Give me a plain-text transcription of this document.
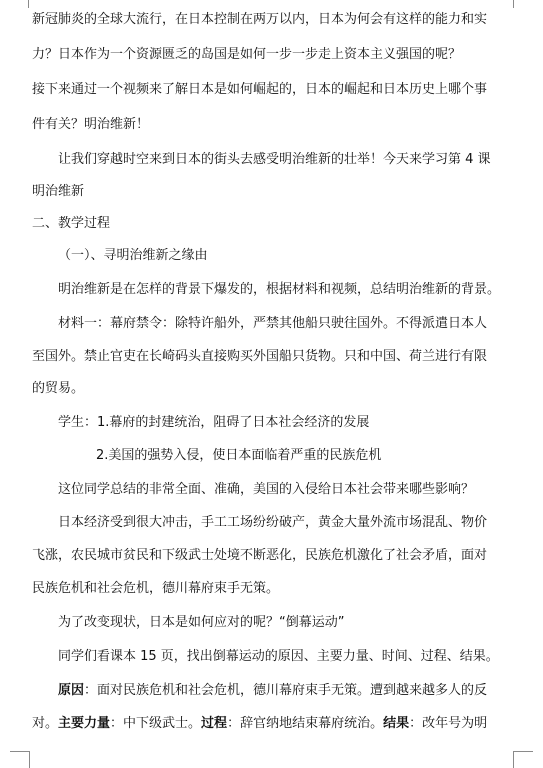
新冠肺炎的全球大流行，在日本控制在两万以内，日本为何会有这样的能力和实
力？日本作为一个资源匮乏的岛国是如何一步一步走上资本主义强国的呢？
接下来通过一个视频来了解日本是如何崛起的，日本的崛起和日本历史上哪个事
件有关？明治维新！
让我们穿越时空来到日本的街头去感受明治维新的壮举！今天来学习第 4 课
明治维新
二、教学过程
（一）、寻明治维新之缘由
明治维新是在怎样的背景下爆发的，根据材料和视频，总结明治维新的背景。
材料一：幕府禁令：除特许船外，严禁其他船只驶往国外。不得派遣日本人
至国外。禁止官吏在长崎码头直接购买外国船只货物。只和中国、荷兰进行有限
的贸易。
学生：1.幕府的封建统治，阻碍了日本社会经济的发展
2.美国的强势入侵，使日本面临着严重的民族危机
这位同学总结的非常全面、准确，美国的入侵给日本社会带来哪些影响？
日本经济受到很大冲击，手工工场纷纷破产，黄金大量外流市场混乱、物价
飞涨，农民城市贫民和下级武士处境不断恶化，民族危机激化了社会矛盾，面对
民族危机和社会危机，德川幕府束手无策。
为了改变现状，日本是如何应对的呢？“倒幕运动”
同学们看课本 15 页，找出倒幕运动的原因、主要力量、时间、过程、结果。
原因：面对民族危机和社会危机，德川幕府束手无策。遭到越来越多人的反
对。主要力量：中下级武士。过程：辞官纳地结束幕府统治。结果：改年号为明
